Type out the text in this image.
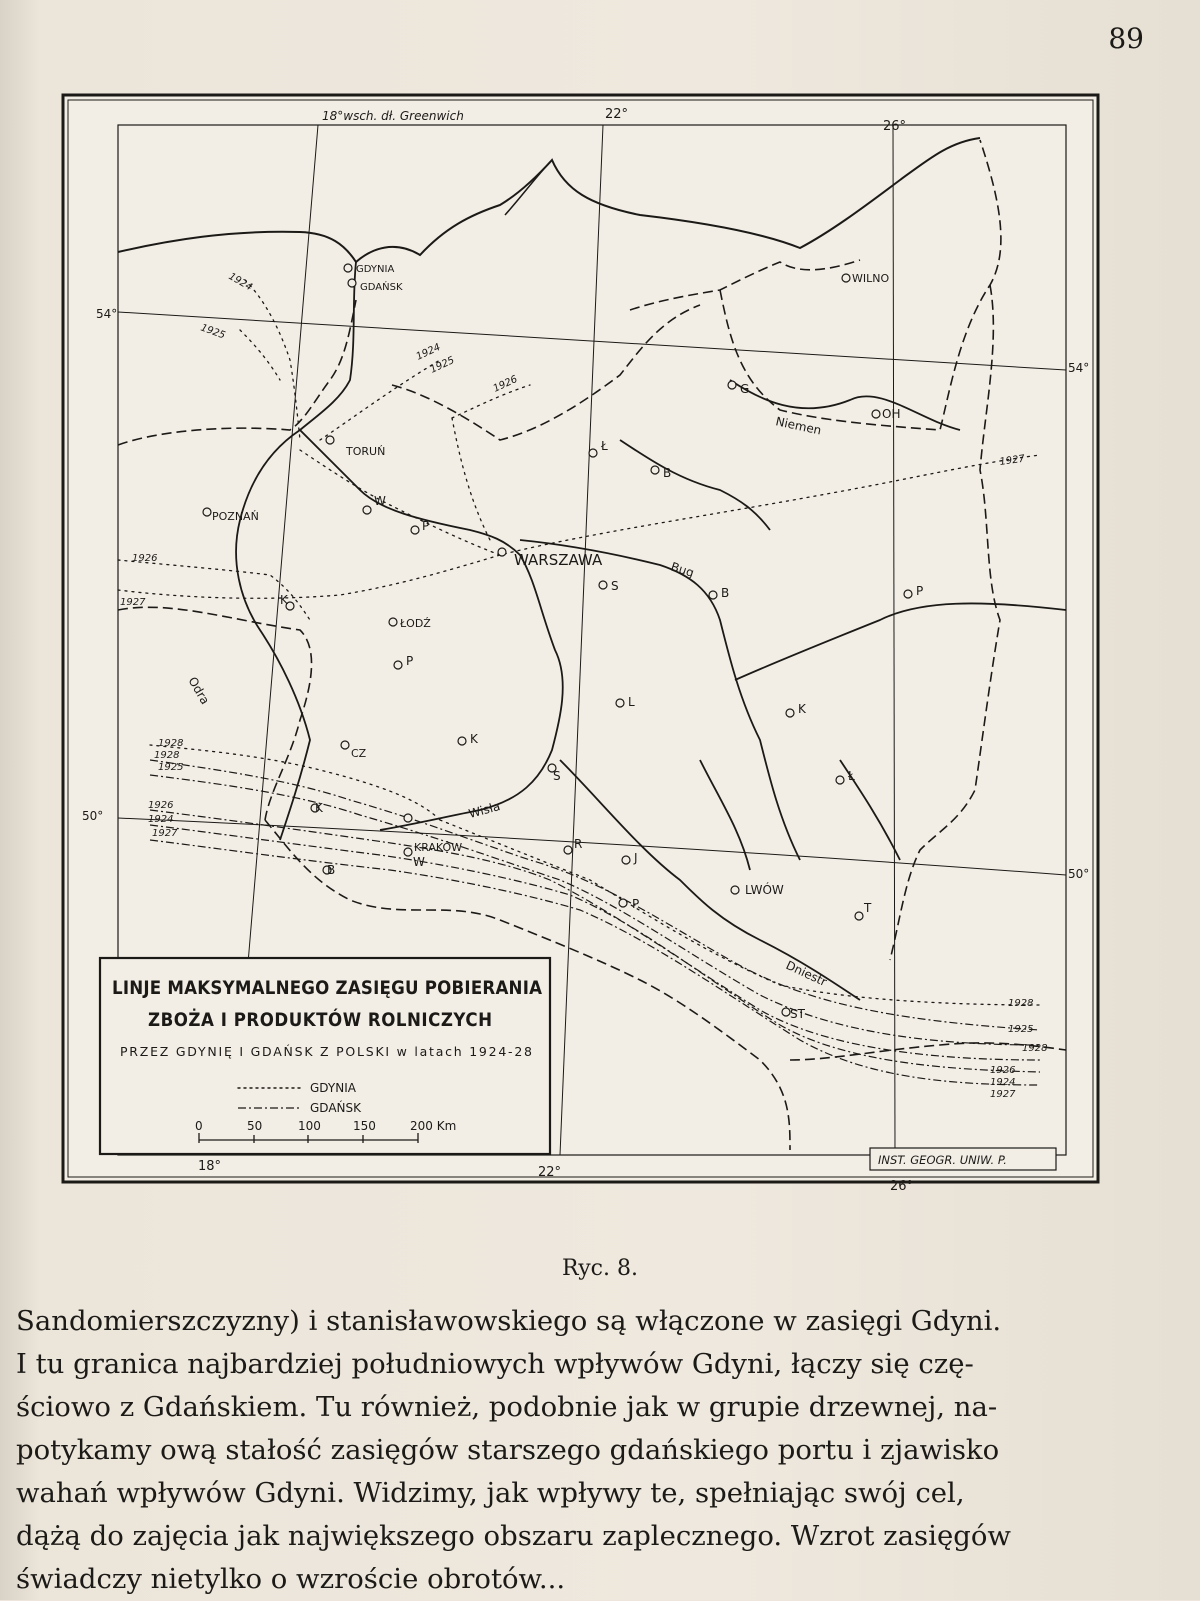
89
18°wsch. dł. Greenwich	22°
26°
18°	22°
26°
54°
50°
54°
50°
GDYNIA
GDAŃSK
WILNO
TORUŃ
POZNAŃ
WARSZAWA
ŁODŹ
KRAKÓW
LWÓW
G
OH
Ł
B
W
P
S	B
K
P
P
L
K
K
Ł
CZ
S
K
R
J
W
B
P	T
ST
Niemen
Bug
Odra
Wisła
Dniestr
1924
1925
1924
1925
1926
1926
1927
1927
1928
1928
1925
1926
1924
1927
1928
1925
1928
1926
1924
1927
LINJE MAKSYMALNEGO ZASIĘGU POBIERANIA
ZBOŻA I PRODUKTÓW ROLNICZYCH
PRZEZ GDYNIĘ I GDAŃSK Z POLSKI w latach 1924-28
GDYNIA
GDAŃSK
0	50	100	150	200 Km
INST. GEOGR. UNIW. P.
Ryc. 8.

Sandomierszczyzny) i stanisławowskiego są włączone w zasięgi Gdyni.
I tu granica najbardziej południowych wpływów Gdyni, łączy się czę-
ściowo z Gdańskiem. Tu również, podobnie jak w grupie drzewnej, na-
potykamy ową stałość zasięgów starszego gdańskiego portu i zjawisko
wahań wpływów Gdyni. Widzimy, jak wpływy te, spełniając swój cel,
dążą do zajęcia jak największego obszaru zaplecznego. Wzrot zasięgów
świadczy nietylko o wzroście obrotów...
